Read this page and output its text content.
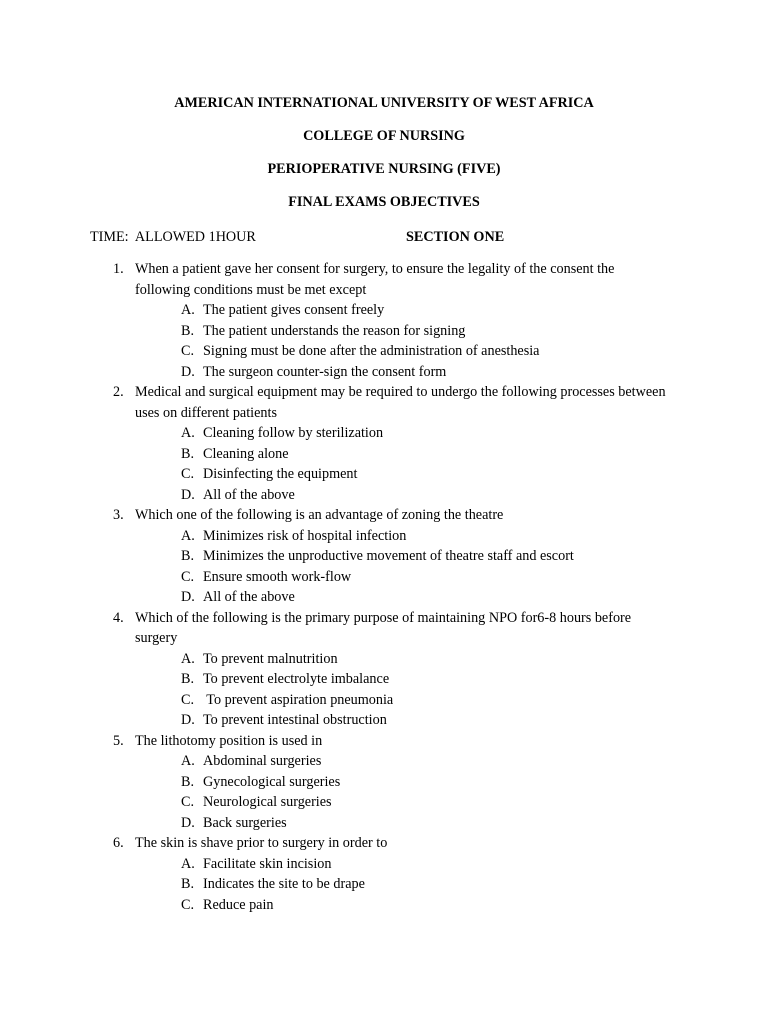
AMERICAN INTERNATIONAL UNIVERSITY OF WEST AFRICA
COLLEGE OF NURSING
PERIOPERATIVE NURSING (FIVE)
FINAL EXAMS OBJECTIVES
TIME:  ALLOWED 1HOUR	SECTION ONE
1. When a patient gave her consent for surgery, to ensure the legality of the consent the following conditions must be met except
A. The patient gives consent freely
B. The patient understands the reason for signing
C. Signing must be done after the administration of anesthesia
D. The surgeon counter-sign the consent form
2. Medical and surgical equipment may be required to undergo the following processes between uses on different patients
A. Cleaning follow by sterilization
B. Cleaning alone
C. Disinfecting the equipment
D. All of the above
3. Which one of the following is an advantage of zoning the theatre
A. Minimizes risk of hospital infection
B. Minimizes the unproductive movement of theatre staff and escort
C. Ensure smooth work-flow
D. All of the above
4. Which of the following is the primary purpose of maintaining NPO for6-8 hours before surgery
A. To prevent malnutrition
B. To prevent electrolyte imbalance
C. To prevent aspiration pneumonia
D. To prevent intestinal obstruction
5. The lithotomy position is used in
A. Abdominal surgeries
B. Gynecological surgeries
C. Neurological surgeries
D. Back surgeries
6. The skin is shave prior to surgery in order to
A. Facilitate skin incision
B. Indicates the site to be drape
C. Reduce pain
